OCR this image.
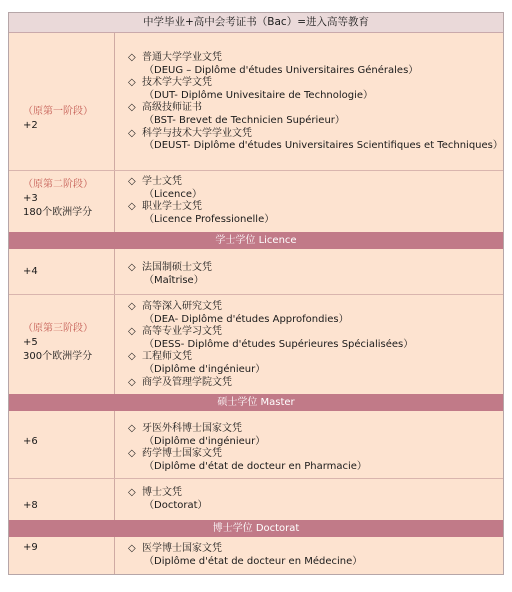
中学毕业+高中会考证书（Bac）=进入高等教育
（原第一阶段）
+2
◇ 普通大学学业文凭
（DEUG – Diplôme d'études Universitaires Générales）
◇ 技术学大学文凭
（DUT- Diplôme Univesitaire de Technologie）
◇ 高级技师证书
（BST- Brevet de Technicien Supérieur）
◇ 科学与技术大学学业文凭
（DEUST- Diplôme d'études Universitaires Scientifiques et Techniques）
（原第二阶段）
+3
180个欧洲学分
◇ 学士文凭
（Licence）
◇ 职业学士文凭
（Licence Professionelle）
学士学位 Licence
+4	◇ 法国制硕士文凭
（Maîtrise）
（原第三阶段）
+5
300个欧洲学分
◇ 高等深入研究文凭
（DEA- Diplôme d'études Approfondies）
◇ 高等专业学习文凭
（DESS- Diplôme d'études Supérieures Spécialisées）
◇ 工程师文凭
（Diplôme d'ingénieur）
◇ 商学及管理学院文凭
硕士学位 Master
+6
◇ 牙医外科博士国家文凭
（Diplôme d'ingénieur）
◇ 药学博士国家文凭
（Diplôme d'état de docteur en Pharmacie）
+8
◇ 博士文凭
（Doctorat）
博士学位 Doctorat
+9	◇ 医学博士国家文凭
（Diplôme d'état de docteur en Médecine）
